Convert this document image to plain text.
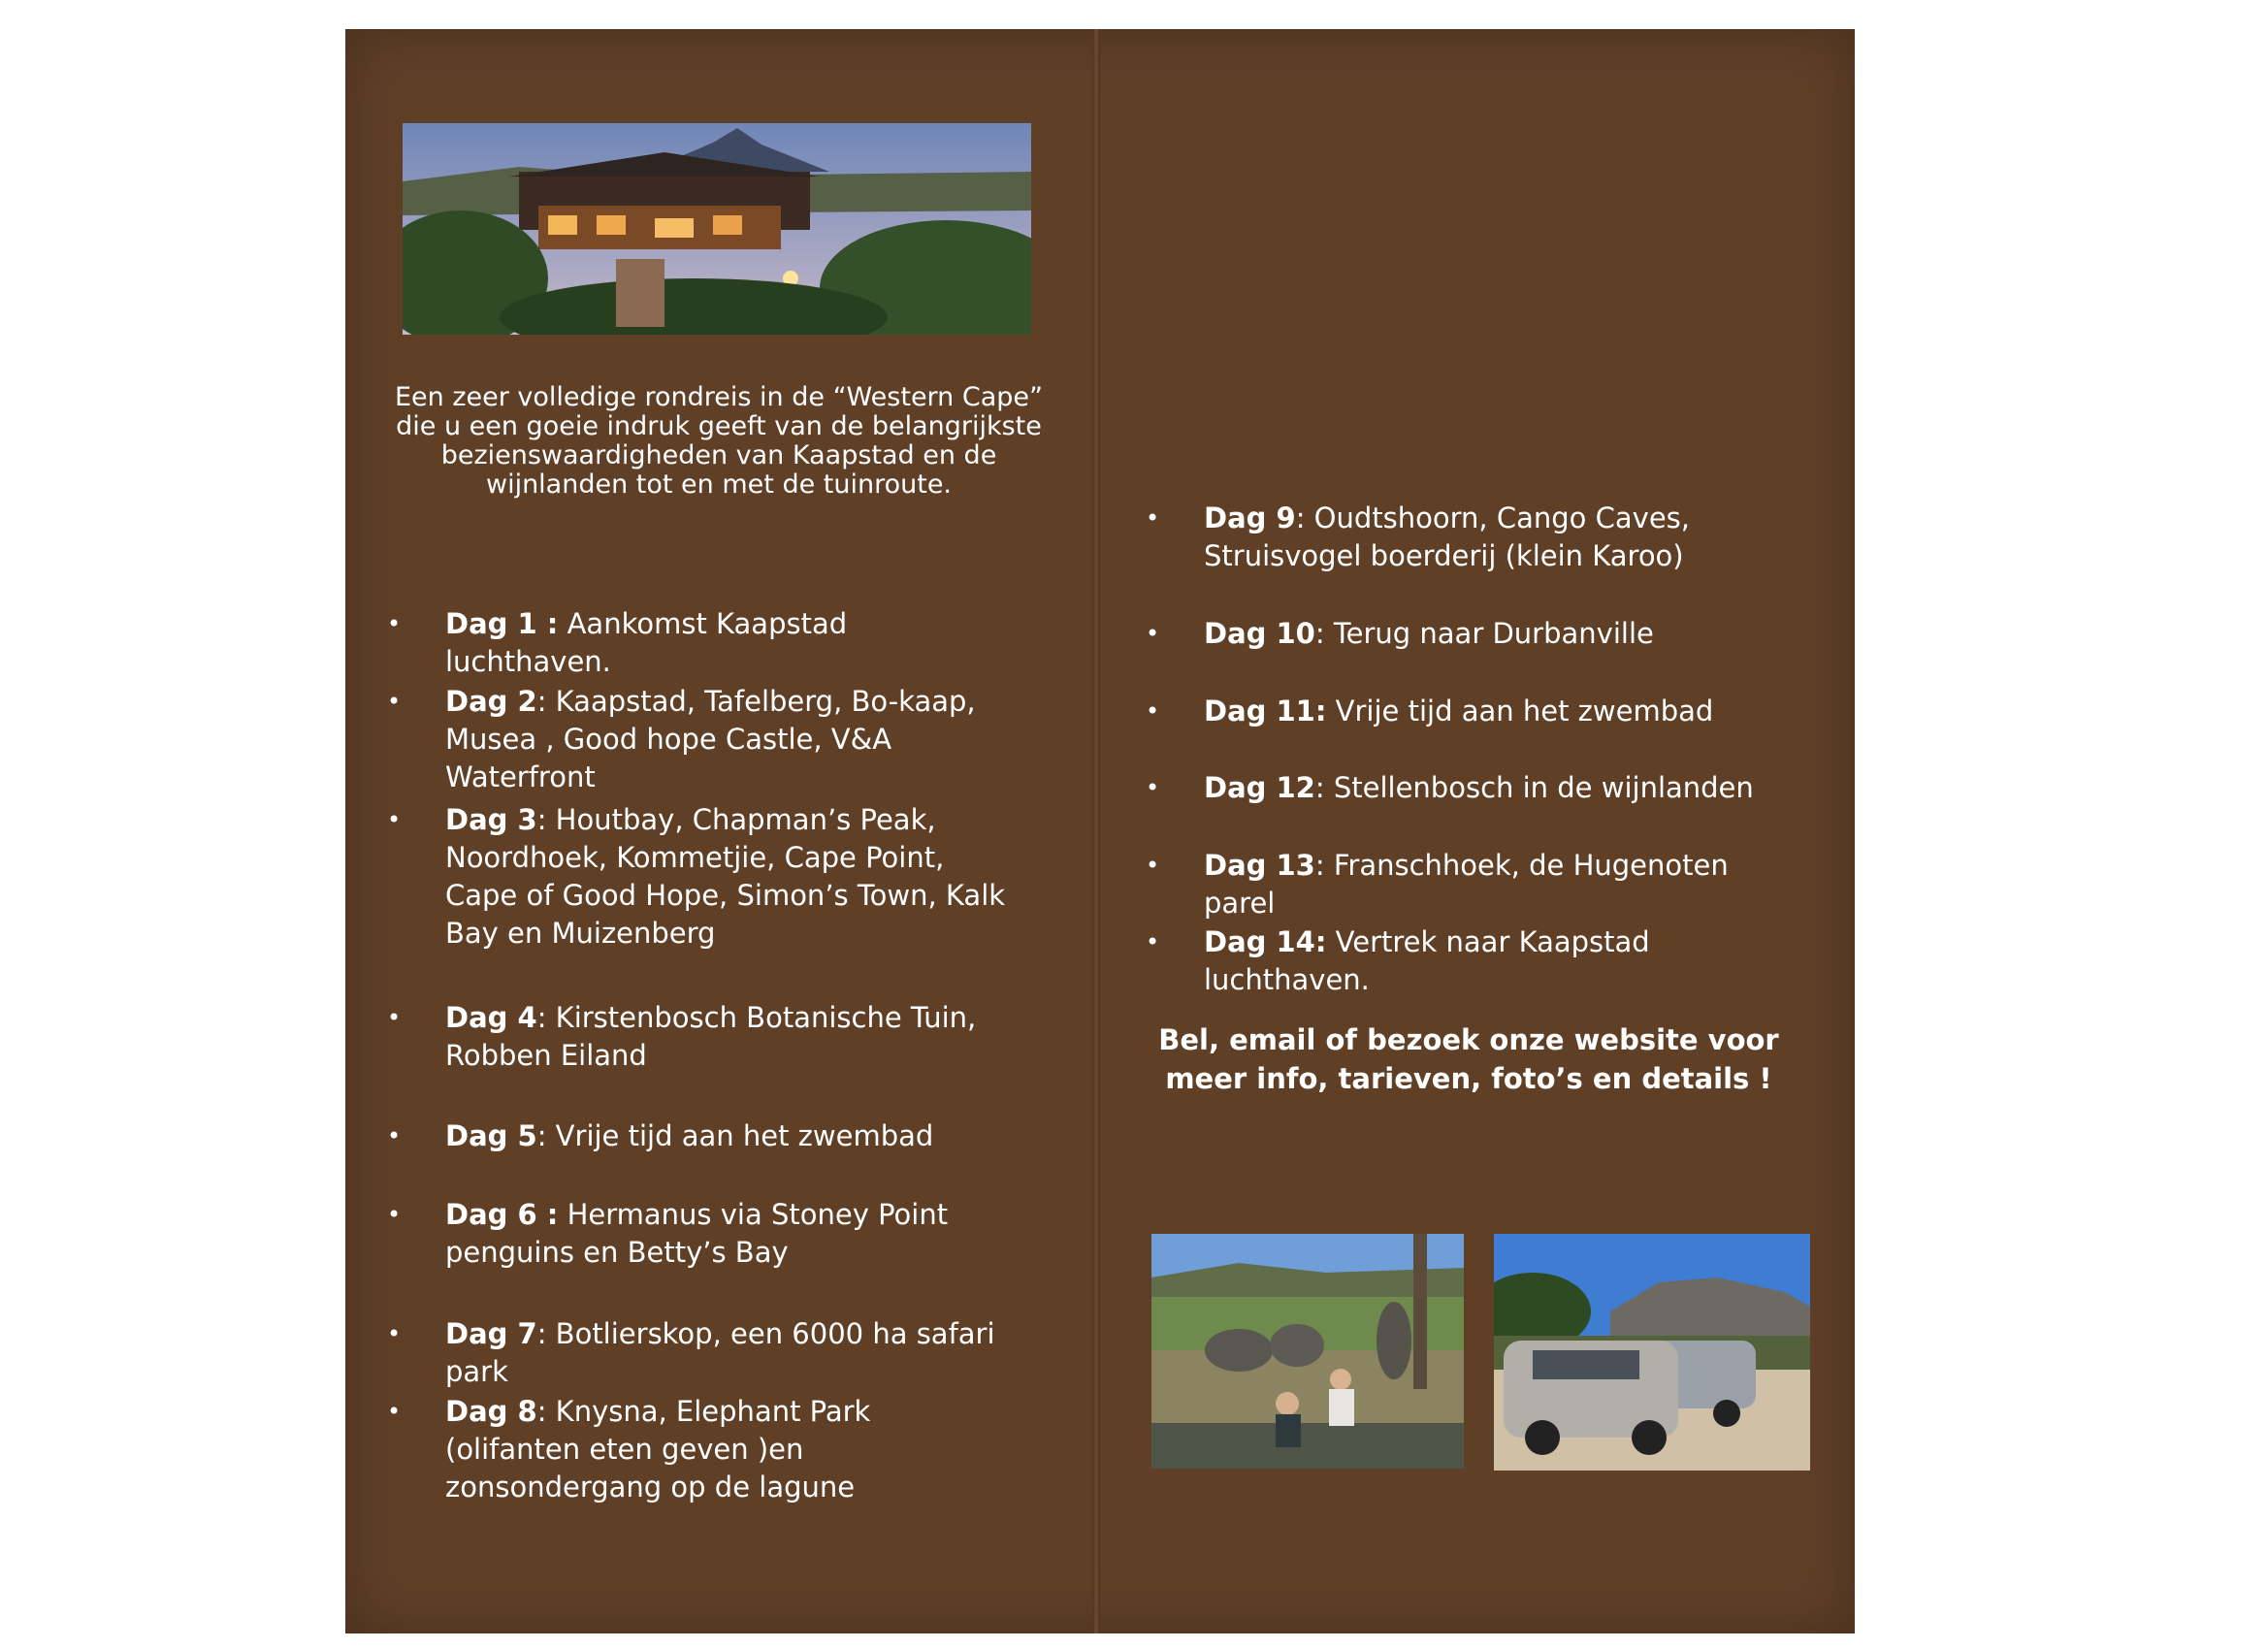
Een zeer volledige rondreis in de “Western Cape” die u een goeie indruk geeft van de belangrijkste bezienswaardigheden van Kaapstad en de wijnlanden tot en met de tuinroute.

• Dag 1 : Aankomst Kaapstad luchthaven.
• Dag 2: Kaapstad, Tafelberg, Bo-kaap, Musea , Good hope Castle, V&A Waterfront
• Dag 3: Houtbay, Chapman’s Peak, Noordhoek, Kommetjie, Cape Point, Cape of Good Hope, Simon’s Town, Kalk Bay en Muizenberg
• Dag 4: Kirstenbosch Botanische Tuin, Robben Eiland
• Dag 5: Vrije tijd aan het zwembad
• Dag 6 : Hermanus via Stoney Point penguins en Betty’s Bay
• Dag 7: Botlierskop, een 6000 ha safari park
• Dag 8: Knysna, Elephant Park (olifanten eten geven )en zonsondergang op de lagune
• Dag 9: Oudtshoorn, Cango Caves, Struisvogel boerderij (klein Karoo)
• Dag 10: Terug naar Durbanville
• Dag 11: Vrije tijd aan het zwembad
• Dag 12: Stellenbosch in de wijnlanden
• Dag 13: Franschhoek, de Hugenoten parel
• Dag 14: Vertrek naar Kaapstad luchthaven.

Bel, email of bezoek onze website voor meer info, tarieven, foto’s en details !
